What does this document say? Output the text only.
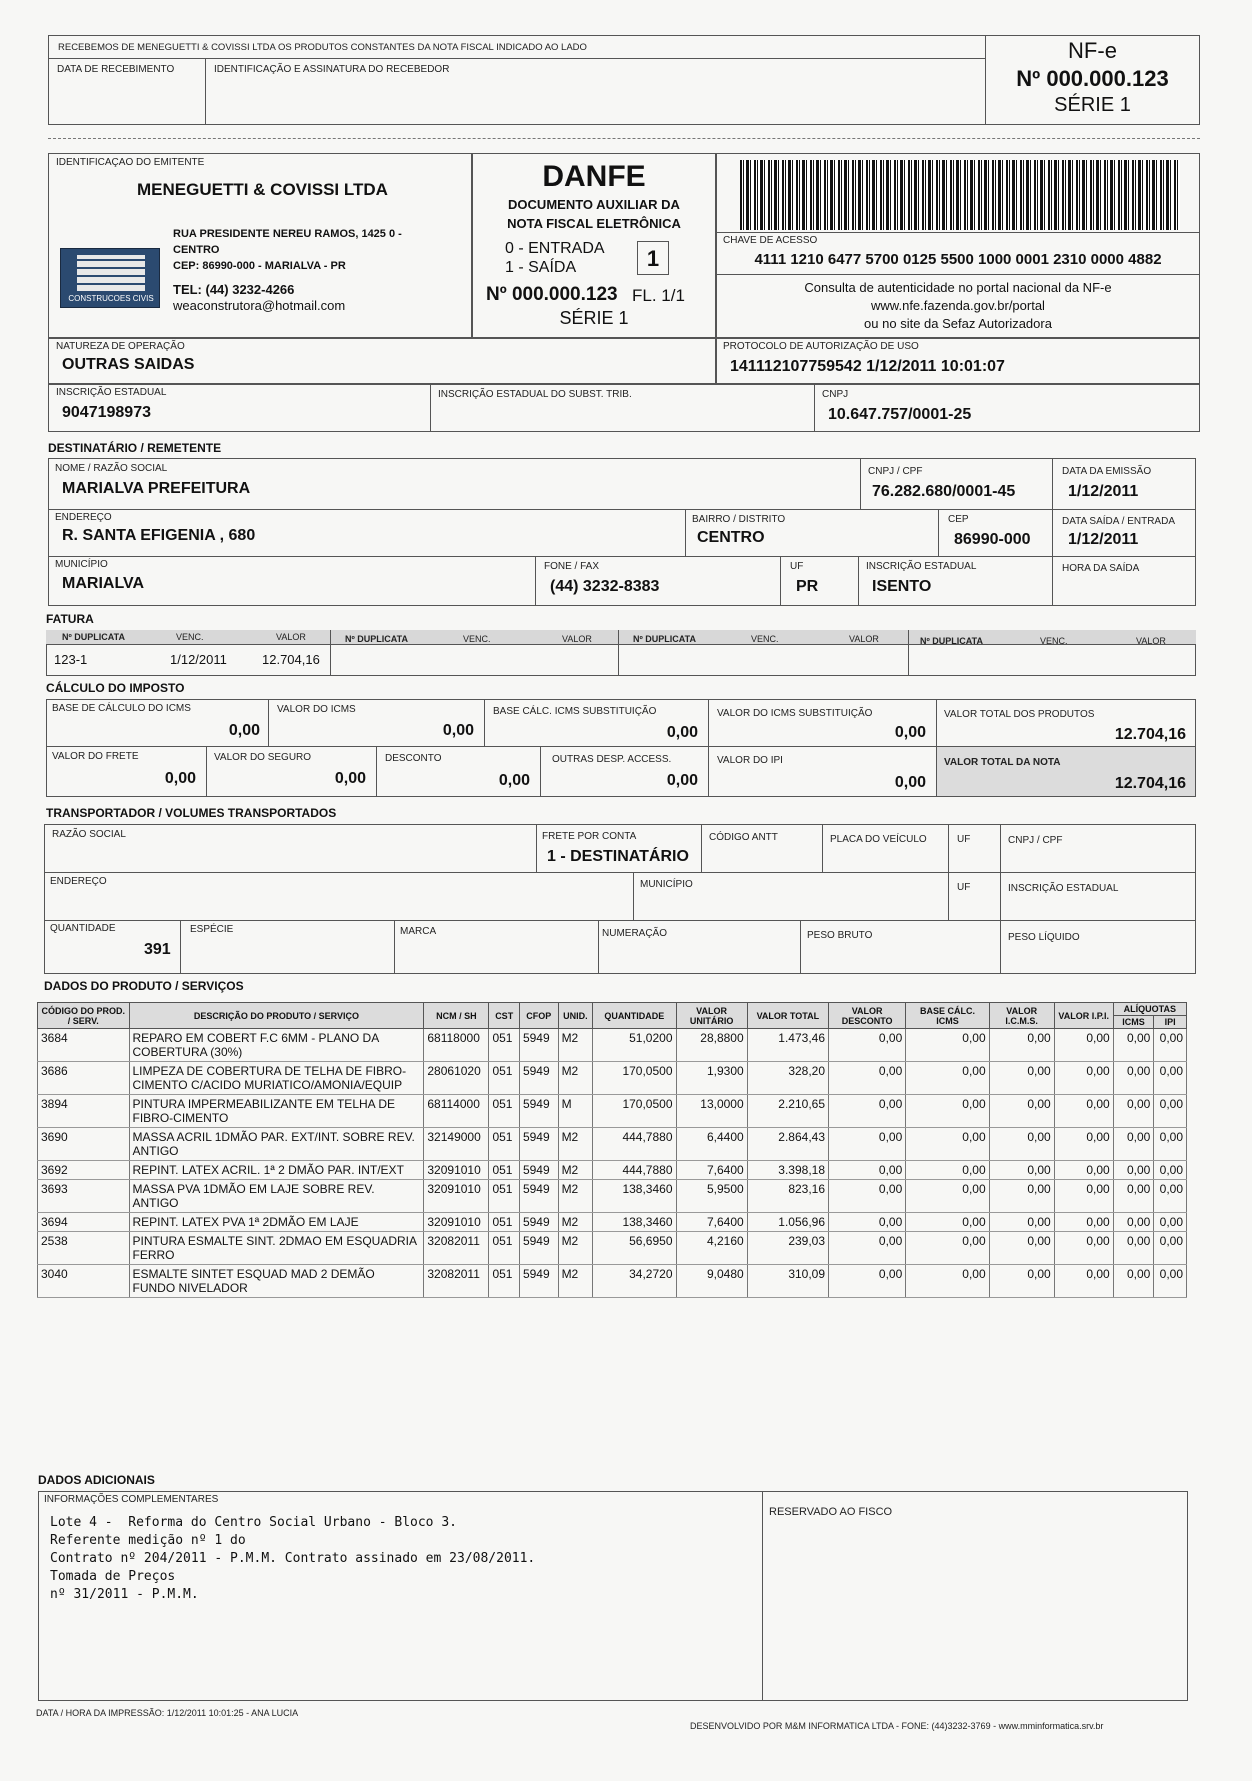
RECEBEMOS DE MENEGUETTI & COVISSI LTDA OS PRODUTOS CONSTANTES DA NOTA FISCAL INDICADO AO LADO
DATA DE RECEBIMENTO	IDENTIFICAÇÃO E ASSINATURA DO RECEBEDOR
NF-e
Nº 000.000.123
SÉRIE 1
IDENTIFICAÇAO DO EMITENTE
MENEGUETTI & COVISSI LTDA
CONSTRUCOES CIVIS
RUA PRESIDENTE NEREU RAMOS, 1425 0 -
CENTRO
CEP: 86990-000 - MARIALVA - PR
TEL: (44) 3232-4266
weaconstrutora@hotmail.com
DANFE
DOCUMENTO AUXILIAR DA
NOTA FISCAL ELETRÔNICA
0 - ENTRADA
1 - SAÍDA	1
Nº 000.000.123 FL. 1/1
SÉRIE 1
CHAVE DE ACESSO
4111 1210 6477 5700 0125 5500 1000 0001 2310 0000 4882
Consulta de autenticidade no portal nacional da NF-e
www.nfe.fazenda.gov.br/portal
ou no site da Sefaz Autorizadora
NATUREZA DE OPERAÇÃO
OUTRAS SAIDAS
PROTOCOLO DE AUTORIZAÇÃO DE USO
141112107759542 1/12/2011 10:01:07
INSCRIÇÃO ESTADUAL
9047198973
INSCRIÇÃO ESTADUAL DO SUBST. TRIB.	CNPJ
10.647.757/0001-25
DESTINATÁRIO / REMETENTE
NOME / RAZÃO SOCIAL
MARIALVA PREFEITURA
CNPJ / CPF
76.282.680/0001-45
DATA DA EMISSÃO
1/12/2011
ENDEREÇO
R. SANTA EFIGENIA , 680
BAIRRO / DISTRITO
CENTRO
CEP
86990-000
DATA SAÍDA / ENTRADA
1/12/2011
MUNICÍPIO
MARIALVA
FONE / FAX
(44) 3232-8383
UF
PR
INSCRIÇÃO ESTADUAL
ISENTO
HORA DA SAÍDA
FATURA
Nº DUPLICATA	VENC.	VALOR	Nº DUPLICATA	VENC.	VALOR	Nº DUPLICATA	VENC.	VALOR	Nº DUPLICATA	VENC.	VALOR
123-1	1/12/2011	12.704,16
CÁLCULO DO IMPOSTO
BASE DE CÁLCULO DO ICMS
0,00
VALOR DO ICMS
0,00
BASE CÁLC. ICMS SUBSTITUIÇÃO
0,00
VALOR DO ICMS SUBSTITUIÇÃO
0,00
VALOR TOTAL DOS PRODUTOS
12.704,16
VALOR DO FRETE
0,00
VALOR DO SEGURO
0,00
DESCONTO
0,00
OUTRAS DESP. ACCESS.
0,00
VALOR DO IPI
0,00
VALOR TOTAL DA NOTA
12.704,16
TRANSPORTADOR / VOLUMES TRANSPORTADOS
RAZÃO SOCIAL	FRETE POR CONTA
1 - DESTINATÁRIO
CÓDIGO ANTT	PLACA DO VEÍCULO	UF	CNPJ / CPF
ENDEREÇO	MUNICÍPIO	UF	INSCRIÇÃO ESTADUAL
QUANTIDADE
391
ESPÉCIE	MARCA	NUMERAÇÃO	PESO BRUTO	PESO LÍQUIDO
DADOS DO PRODUTO / SERVIÇOS
CÓDIGO DO PROD. / SERV.	DESCRIÇÃO DO PRODUTO / SERVIÇO	NCM / SH	CST	CFOP	UNID.	QUANTIDADE	VALOR UNITÁRIO	VALOR TOTAL	VALOR DESCONTO	BASE CÁLC. ICMS	VALOR I.C.M.S.	VALOR I.P.I.	ALÍQUOTAS	
													ICMS	IPI
3684	REPARO EM COBERT F.C 6MM - PLANO DA COBERTURA (30%)	68118000	051	5949	M2	51,0200	28,8800	1.473,46	0,00	0,00	0,00	0,00	0,00	0,00
3686	LIMPEZA DE COBERTURA DE TELHA DE FIBRO-CIMENTO C/ACIDO MURIATICO/AMONIA/EQUIP	28061020	051	5949	M2	170,0500	1,9300	328,20	0,00	0,00	0,00	0,00	0,00	0,00
3894	PINTURA IMPERMEABILIZANTE EM TELHA DE FIBRO-CIMENTO	68114000	051	5949	M	170,0500	13,0000	2.210,65	0,00	0,00	0,00	0,00	0,00	0,00
3690	MASSA ACRIL 1DMÃO PAR. EXT/INT. SOBRE REV. ANTIGO	32149000	051	5949	M2	444,7880	6,4400	2.864,43	0,00	0,00	0,00	0,00	0,00	0,00
3692	REPINT. LATEX ACRIL. 1ª 2 DMÃO PAR. INT/EXT	32091010	051	5949	M2	444,7880	7,6400	3.398,18	0,00	0,00	0,00	0,00	0,00	0,00
3693	MASSA PVA 1DMÃO EM LAJE SOBRE REV. ANTIGO	32091010	051	5949	M2	138,3460	5,9500	823,16	0,00	0,00	0,00	0,00	0,00	0,00
3694	REPINT. LATEX PVA 1ª 2DMÃO EM LAJE	32091010	051	5949	M2	138,3460	7,6400	1.056,96	0,00	0,00	0,00	0,00	0,00	0,00
2538	PINTURA ESMALTE SINT. 2DMAO EM ESQUADRIA FERRO	32082011	051	5949	M2	56,6950	4,2160	239,03	0,00	0,00	0,00	0,00	0,00	0,00
3040	ESMALTE SINTET ESQUAD MAD 2 DEMÃO FUNDO NIVELADOR	32082011	051	5949	M2	34,2720	9,0480	310,09	0,00	0,00	0,00	0,00	0,00	0,00
DADOS ADICIONAIS
INFORMAÇÕES COMPLEMENTARES
Lote 4 -  Reforma do Centro Social Urbano - Bloco 3.
Referente medição nº 1 do
Contrato nº 204/2011 - P.M.M. Contrato assinado em 23/08/2011.
Tomada de Preços
nº 31/2011 - P.M.M.
RESERVADO AO FISCO
DATA / HORA DA IMPRESSÃO: 1/12/2011 10:01:25 - ANA LUCIA
DESENVOLVIDO POR M&M INFORMATICA LTDA - FONE: (44)3232-3769 - www.mminformatica.srv.br
